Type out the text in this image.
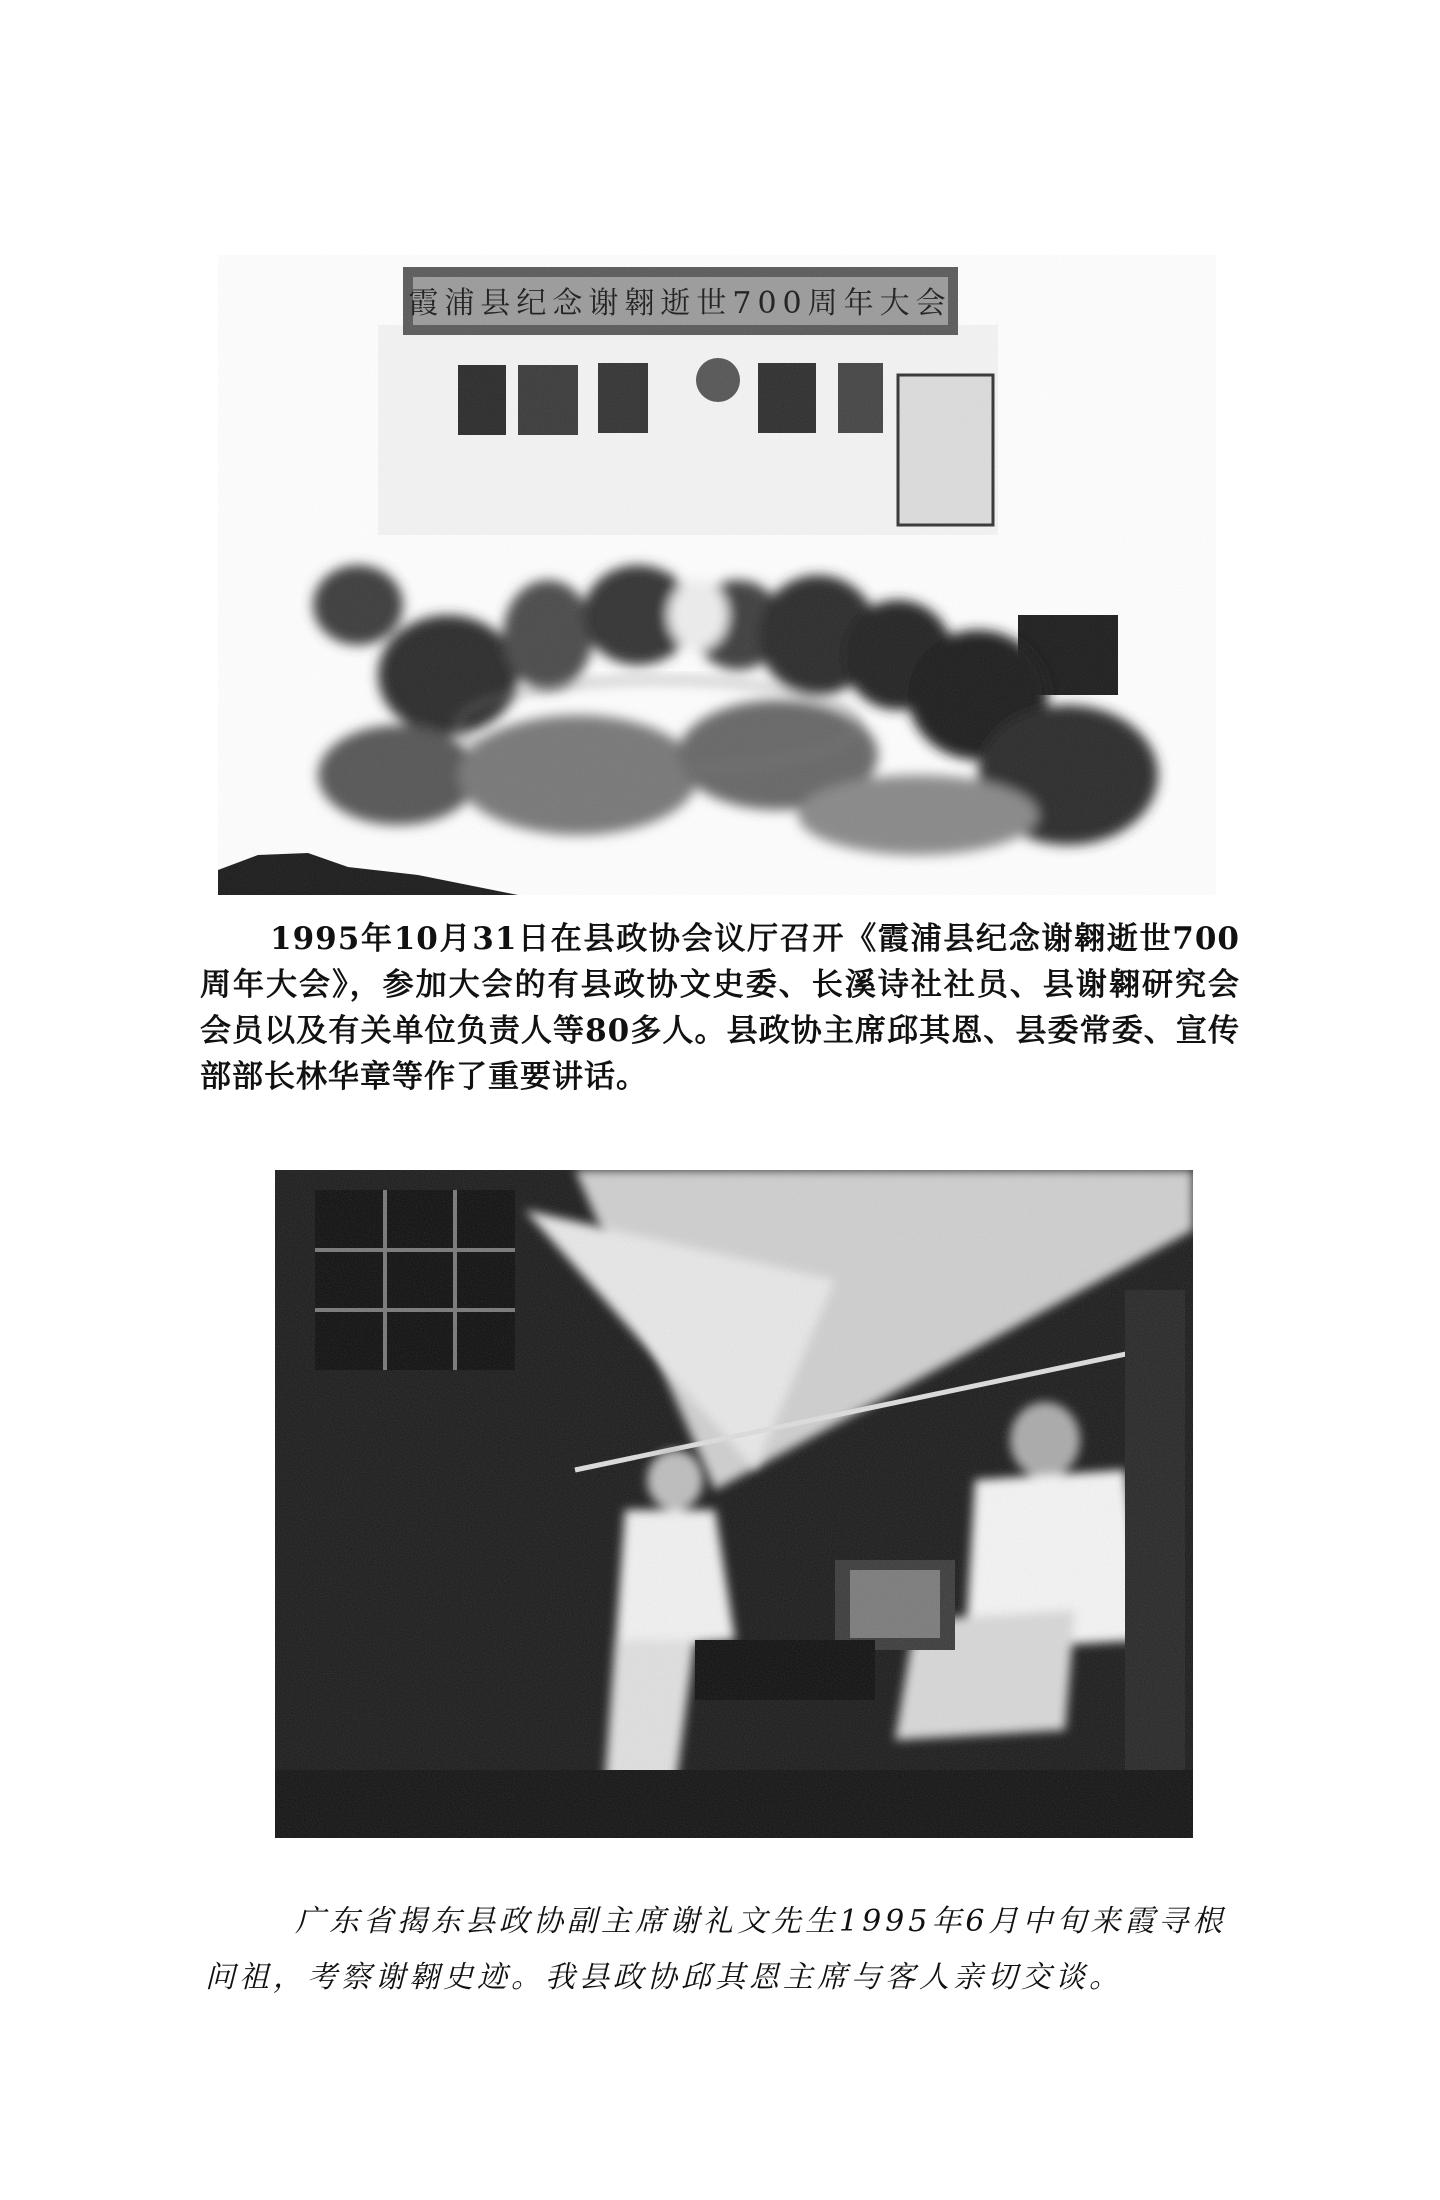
霞浦县纪念谢翱逝世700周年大会

1995年10月31日在县政协会议厅召开《霞浦县纪念谢翱逝世700周年大会》，参加大会的有县政协文史委、长溪诗社社员、县谢翱研究会会员以及有关单位负责人等80多人。县政协主席邱其恩、县委常委、宣传部部长林华章等作了重要讲话。

广东省揭东县政协副主席谢礼文先生1995年6月中旬来霞寻根问祖，考察谢翱史迹。我县政协邱其恩主席与客人亲切交谈。
